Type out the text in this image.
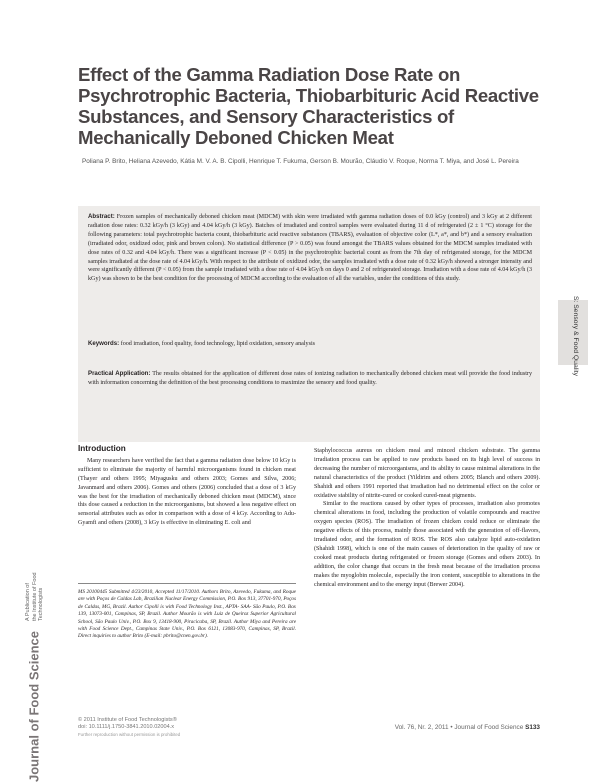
Effect of the Gamma Radiation Dose Rate on Psychrotrophic Bacteria, Thiobarbituric Acid Reactive Substances, and Sensory Characteristics of Mechanically Deboned Chicken Meat
Poliana P. Brito, Heliana Azevedo, Kátia M. V. A. B. Cipolli, Henrique T. Fukuma, Gerson B. Mourão, Cláudio V. Roque, Norma T. Miya, and José L. Pereira
Abstract: Frozen samples of mechanically deboned chicken meat (MDCM) with skin were irradiated with gamma radiation doses of 0.0 kGy (control) and 3 kGy at 2 different radiation dose rates: 0.32 kGy/h (3 kGy) and 4.04 kGy/h (3 kGy). Batches of irradiated and control samples were evaluated during 11 d of refrigerated (2 ± 1 °C) storage for the following parameters: total psychrotrophic bacteria count, thiobarbituric acid reactive substances (TBARS), evaluation of objective color (L*, a*, and b*) and a sensory evaluation (irradiated odor, oxidized odor, pink and brown colors). No statistical difference (P > 0.05) was found amongst the TBARS values obtained for the MDCM samples irradiated with dose rates of 0.32 and 4.04 kGy/h. There was a significant increase (P < 0.05) in the psychrotrophic bacterial count as from the 7th day of refrigerated storage, for the MDCM samples irradiated at the dose rate of 4.04 kGy/h. With respect to the attribute of oxidized odor, the samples irradiated with a dose rate of 0.32 kGy/h showed a stronger intensity and were significantly different (P < 0.05) from the sample irradiated with a dose rate of 4.04 kGy/h on days 0 and 2 of refrigerated storage. Irradiation with a dose rate of 4.04 kGy/h (3 kGy) was shown to be the best condition for the processing of MDCM according to the evaluation of all the variables, under the conditions of this study.
Keywords: food irradiation, food quality, food technology, lipid oxidation, sensory analysis
Practical Application: The results obtained for the application of different dose rates of ionizing radiation to mechanically deboned chicken meat will provide the food industry with information concerning the definition of the best processing conditions to maximize the sensory and food quality.
S: Sensory & Food Quality
Journal of Food Science A Publication of
the Institute of Food Technologists
Introduction

Many researchers have verified the fact that a gamma radiation dose below 10 kGy is sufficient to eliminate the majority of harmful microorganisms found in chicken meat (Thayer and others 1995; Miyagusku and others 2003; Gomes and Silva, 2006; Javanmard and others 2006). Gomes and others (2006) concluded that a dose of 3 kGy was the best for the irradiation of mechanically deboned chicken meat (MDCM), since this dose caused a reduction in the microorganisms, but showed a less negative effect on sensorial attributes such as odor in comparison with a dose of 4 kGy. According to Adu-Gyamfi and others (2008), 3 kGy is effective in eliminating E. coli and

MS 20100445 Submitted 4/23/2010, Accepted 11/17/2010. Authors Brito, Azevedo, Fukuma, and Roque are with Poços de Caldas Lab, Brazilian Nuclear Energy Commission, P.O. Box 913, 37701-970, Poços de Caldas, MG, Brazil. Author Cipolli is with Food Technology Inst., APTA- SAA- São Paulo, P.O. Box 139, 13073-001, Campinas, SP, Brazil. Author Mourão is with Luiz de Queiroz Superior Agricultural School, São Paulo Univ., P.O. Box 9, 13418-900, Piracicaba, SP, Brazil. Author Miya and Pereira are with Food Science Dept., Campinas State Univ., P.O. Box 6121, 13083-970, Campinas, SP, Brazil. Direct inquiries to author Brito (E-mail: pbrito@cnen.gov.br).

Staphylococcus aureus on chicken meal and minced chicken substrate. The gamma irradiation process can be applied to raw products based on its high level of success in decreasing the number of microorganisms, and its ability to cause minimal alterations in the natural characteristics of the product (Yildirim and others 2005; Blanch and others 2009). Shahidi and others 1991 reported that irradiation had no detrimental effect on the color or oxidative stability of nitrite-cured or cooked cured-meat pigments.

Similar to the reactions caused by other types of processes, irradiation also promotes chemical alterations in food, including the production of volatile compounds and reactive oxygen species (ROS). The irradiation of frozen chicken could reduce or eliminate the negative effects of this process, mainly those associated with the generation of off-flavors, irradiated odor, and the formation of ROS. The ROS also catalyze lipid auto-oxidation (Shahidi 1998), which is one of the main causes of deterioration in the quality of raw or cooked meat products during refrigerated or frozen storage (Gomes and others 2003). In addition, the color change that occurs in the fresh meat because of the irradiation process makes the myoglobin molecule, especially the iron content, susceptible to alterations in the chemical environment and to the energy input (Brewer 2004).

© 2011 Institute of Food Technologists®
doi: 10.1111/j.1750-3841.2010.02004.x
Further reproduction without permission is prohibited
Vol. 76, Nr. 2, 2011 • Journal of Food Science S133
